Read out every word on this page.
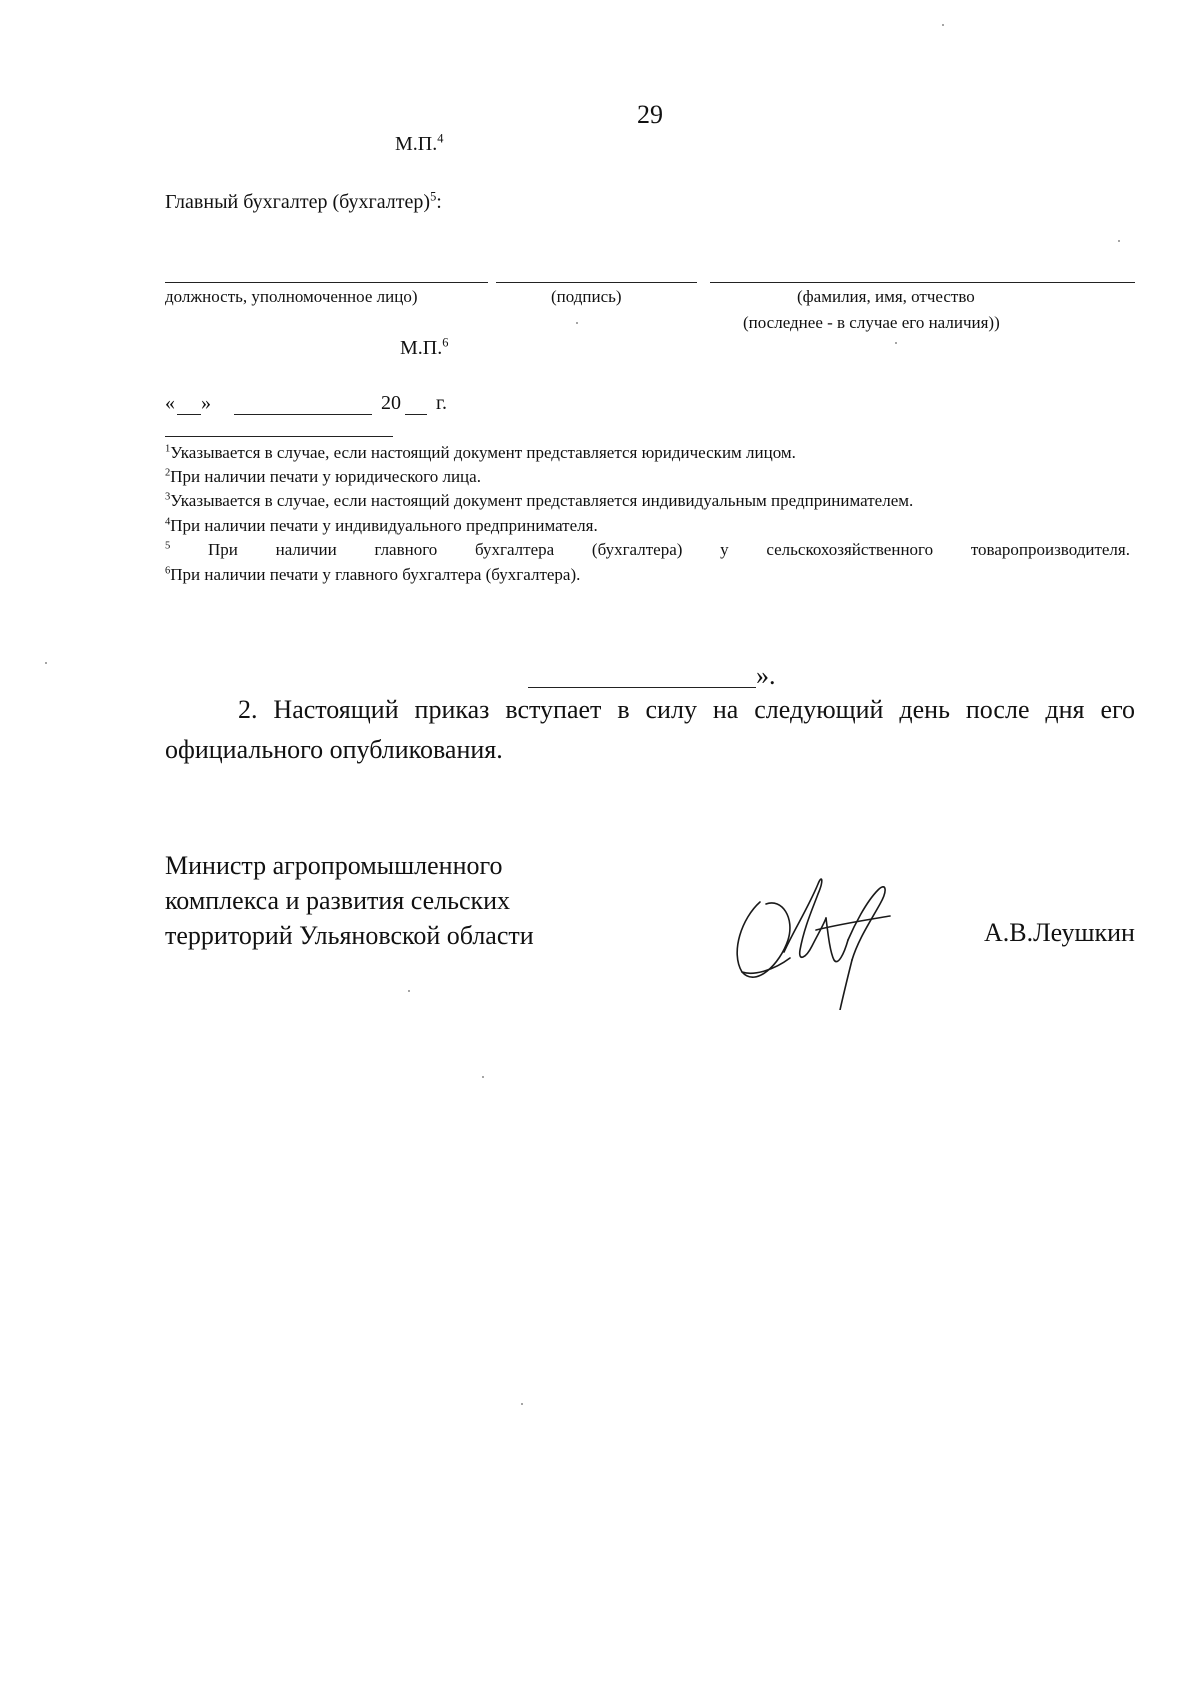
29
М.П.$^4$
Главный бухгалтер (бухгалтер)$^5$:
должность, уполномоченное лицо)	(подпись)	(фамилия, имя, отчество
(последнее - в случае его наличия))
М.П.$^6$
« »	20 г.
$^1$Указывается в случае, если настоящий документ представляется юридическим лицом.
$^2$При наличии печати у юридического лица.
$^3$Указывается в случае, если настоящий документ представляется индивидуальным предпринимателем.
$^4$При наличии печати у индивидуального предпринимателя.
$^5$ При наличии главного бухгалтера (бухгалтера) у сельскохозяйственного товаропроизводителя.
$^6$При наличии печати у главного бухгалтера (бухгалтера).
».
2. Настоящий приказ вступает в силу на следующий день после дня его
официального опубликования.
Министр агропромышленного
комплекса и развития сельских
территорий Ульяновской области	А.В.Леушкин
